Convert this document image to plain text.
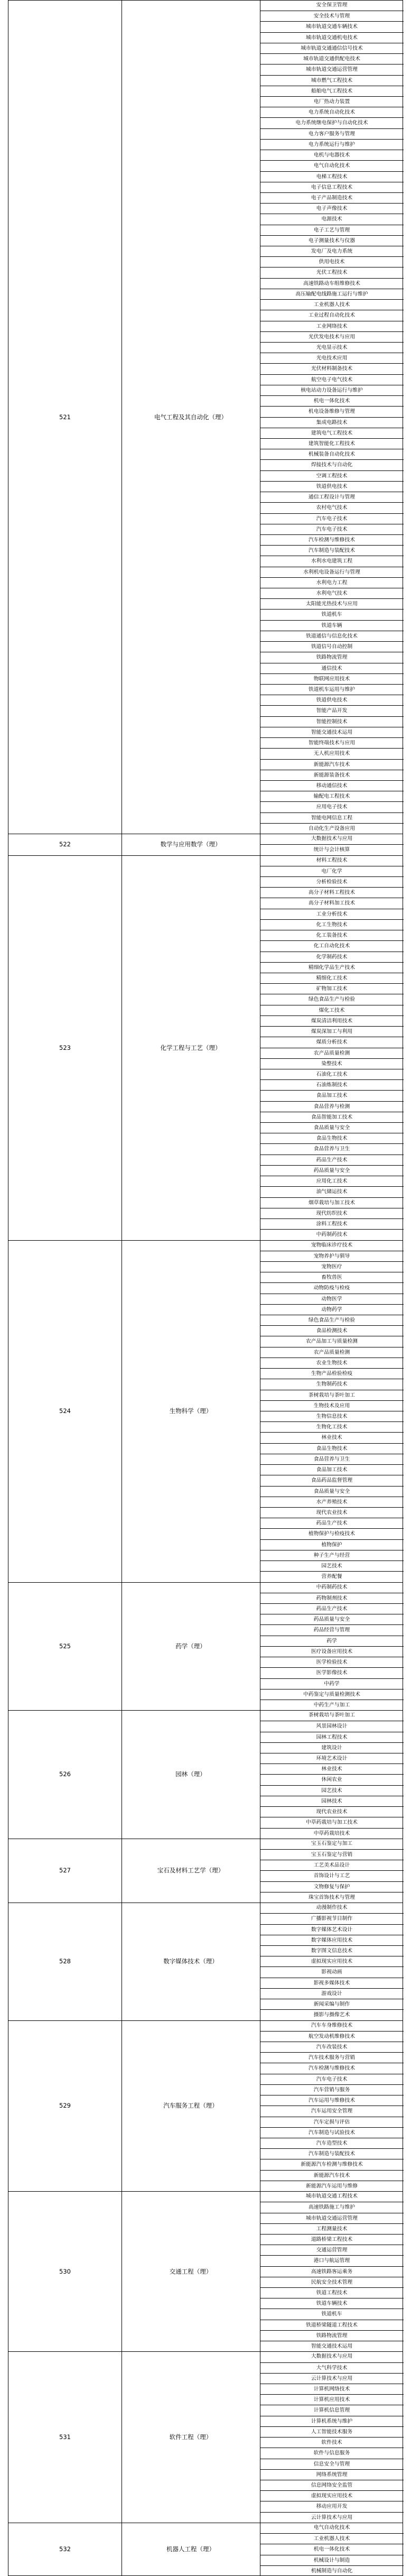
521	电气工程及其自动化（理）
安全保卫管理
安全技术与管理
城市轨道交通车辆技术
城市轨道交通机电技术
城市轨道交通通信信号技术
城市轨道交通供配电技术
城市轨道交通运营管理
城市燃气工程技术
船舶电气工程技术
电厂热动力装置
电力系统自动化技术
电力系统继电保护与自动化技术
电力客户服务与管理
电力系统运行与维护
电机与电器技术
电气自动化技术
电梯工程技术
电子信息工程技术
电子产品制造技术
电子声像技术
电源技术
电子工艺与管理
电子测量技术与仪器
发电厂及电力系统
供用电技术
光伏工程技术
高速铁路动车组维修技术
高压输配电线路施工运行与维护
工业机器人技术
工业过程自动化技术
工业网络技术
光伏发电技术与应用
光电显示技术
光电技术应用
光伏材料制备技术
航空电子电气技术
核电站动力设备运行与维护
机电一体化技术
机电设备维修与管理
集成电路技术
建筑电气工程技术
建筑智能化工程技术
机械装备自动化技术
焊接技术与自动化
空调工程技术
铁道供电技术
通信工程设计与管理
农村电气技术
汽车电子技术
汽车电子技术
汽车检测与维修技术
汽车制造与装配技术
水利水电建筑工程
水利机电设备运行与管理
水利电力工程
水利电气技术
太阳能光热技术与应用
铁道机车
铁道车辆
铁道通信与信息化技术
铁道信号自动控制
铁路物流管理
通信技术
物联网应用技术
铁道机车运用与维护
铁道供电技术
智能产品开发
智能控制技术
智能交通技术运用
智能终端技术与应用
无人机应用技术
新能源汽车技术
新能源装备技术
移动通信技术
输配电工程技术
应用电子技术
智能电网信息工程
自动化生产设备应用
522	数学与应用数学（理）
大数据技术与应用
统计与会计核算
523	化学工程与工艺（理）
材料工程技术
电厂化学
分析检验技术
高分子材料工程技术
高分子材料加工技术
工业分析技术
化工生物技术
化工装备技术
化工自动化技术
化学制药技术
精细化学品生产技术
精细化工技术
矿物加工技术
绿色食品生产与检验
煤化工技术
煤炭清洁利用技术
煤炭深加工与利用
煤质分析技术
农产品质量检测
染整技术
石油化工技术
石油炼制技术
食品加工技术
食品营养与检测
食品智能加工技术
食品质量与安全
食品生物技术
食品营养与卫生
药品生产技术
药品质量与安全
应用化工技术
油气储运技术
烟草栽培与加工技术
现代纺织技术
涂料工程技术
中药制药技术
524	生物科学（理）
宠物临床诊疗技术
宠物养护与驯导
宠物医疗
畜牧兽医
动物防疫与检疫
动物医学
动物药学
绿色食品生产与检验
食品检测技术
农产品加工与质量检测
农产品质量检测
农业生物技术
生物产品检验检疫
生物制药技术
茶树栽培与茶叶加工
生物技术及应用
生物信息技术
生物化工技术
林业技术
食品生物技术
食品营养与卫生
食品加工技术
食品药品监督管理
食品质量与安全
水产养殖技术
现代农业技术
药品生产技术
植物保护与检疫技术
植物保护
种子生产与经营
园艺技术
营养配餐
525	药学（理）
中药制药技术
药物制剂技术
药品生产技术
药品质量与安全
药品经营与管理
药学
医疗设备应用技术
医学检验技术
医学影像技术
中药学
中药鉴定与质量检测技术
中药生产与加工
526	园林（理）
茶树栽培与茶叶加工
风景园林设计
园林工程技术
建筑设计
环境艺术设计
林业技术
休闲农业
园艺技术
园林技术
现代农业技术
中草药栽培与加工技术
中草药栽培技术
527	宝石及材料工艺学（理）
宝玉石鉴定与加工
宝玉石鉴定与营销
工艺美术品设计
首饰设计与工艺
文物修复与保护
珠宝首饰技术与管理
528	数字媒体技术（理）
动漫制作技术
广播影视节目制作
数字媒体艺术设计
数字媒体应用技术
数字图文信息技术
虚拟现实应用技术
影视动画
影视多媒体技术
游戏设计
新闻采编与制作
摄影与摄像艺术
529	汽车服务工程（理）
汽车车身维修技术
航空发动机维修技术
汽车改装技术
汽车技术服务与营销
汽车检测与维修技术
汽车电子技术
汽车营销与服务
汽车运用与维修技术
汽车运用安全管理
汽车定损与评估
汽车制造与试验技术
汽车造型技术
汽车制造与装配技术
新能源汽车检测与维修技术
新能源汽车技术
新能源汽车运用与维修
530	交通工程（理）
城市轨道交通工程技术
高速铁路施工与维护
城市轨道交通运营管理
工程测量技术
道路桥梁工程技术
交通运营管理
港口与航运管理
高速铁路客运乘务
民航安全技术管理
铁道工程技术
铁道车辆技术
铁道机车
铁道桥梁隧道工程技术
铁路物流管理
智能交通技术运用
531	软件工程（理）
大数据技术与应用
大气科学技术
云计算技术与应用
计算机网络技术
计算机应用技术
计算机信息管理
计算机系统与维护
人工智能技术服务
软件技术
软件与信息服务
信息安全与管理
网络系统管理
信息网络安全监管
虚拟现实应用技术
移动应用开发
云计算技术与应用
532	机器人工程（理）
电气自动化技术
工业机器人技术
机电一体化技术
机械设计与制造
机械制造与自动化
